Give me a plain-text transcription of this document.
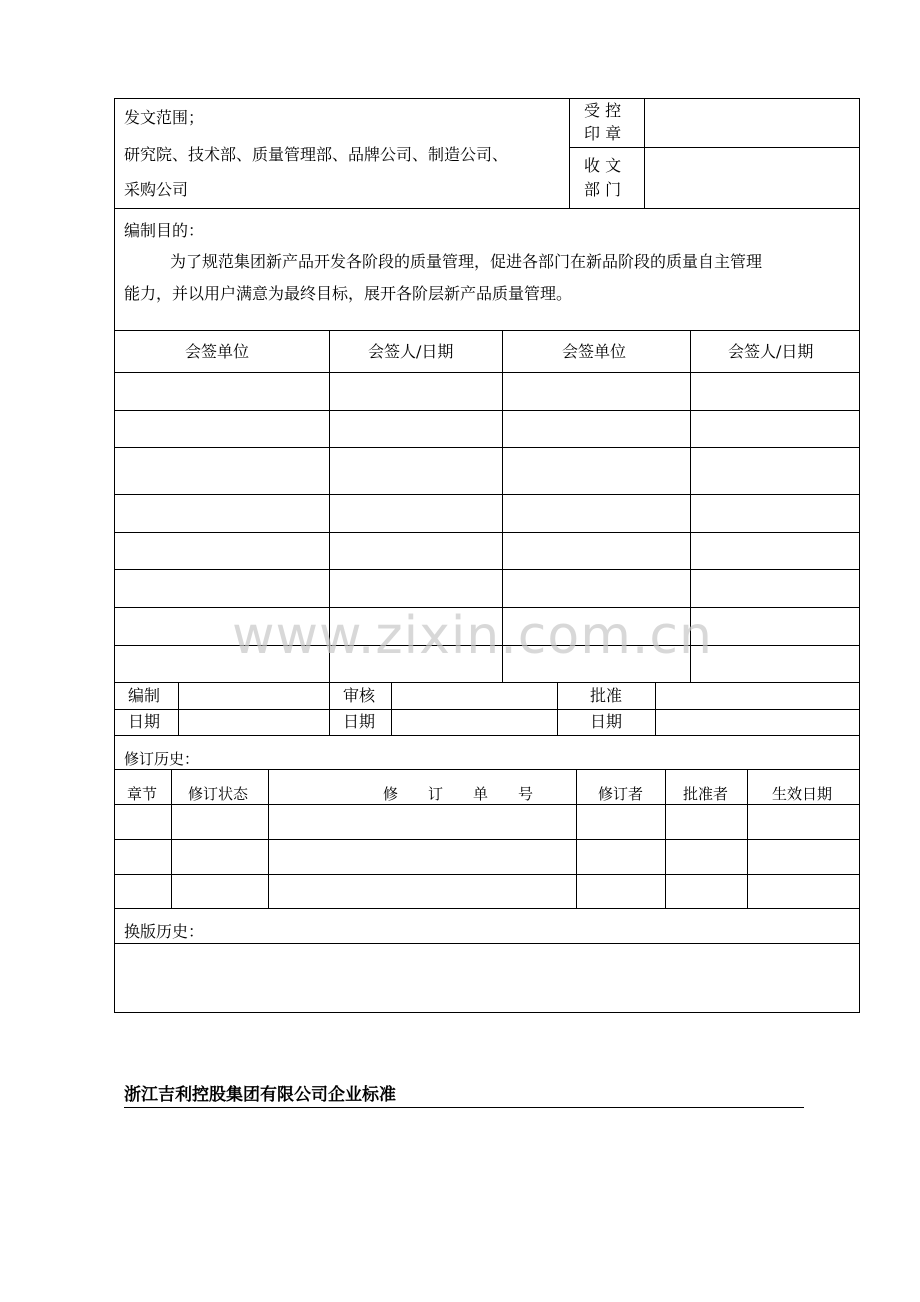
发文范围；
研究院、技术部、质量管理部、品牌公司、制造公司、
采购公司
受 控
印 章
收 文
部 门
编制目的：
为了规范集团新产品开发各阶段的质量管理，促进各部门在新品阶段的质量自主管理
能力，并以用户满意为最终目标，展开各阶层新产品质量管理。
会签单位	会签人/日期	会签单位	会签人/日期
编制	审核	批准
日期	日期	日期
修订历史：
章节 修订状态	修　　订　　单　　号	修订者	批准者	生效日期
换版历史：
www.zixin.com.cn
浙江吉利控股集团有限公司企业标准
